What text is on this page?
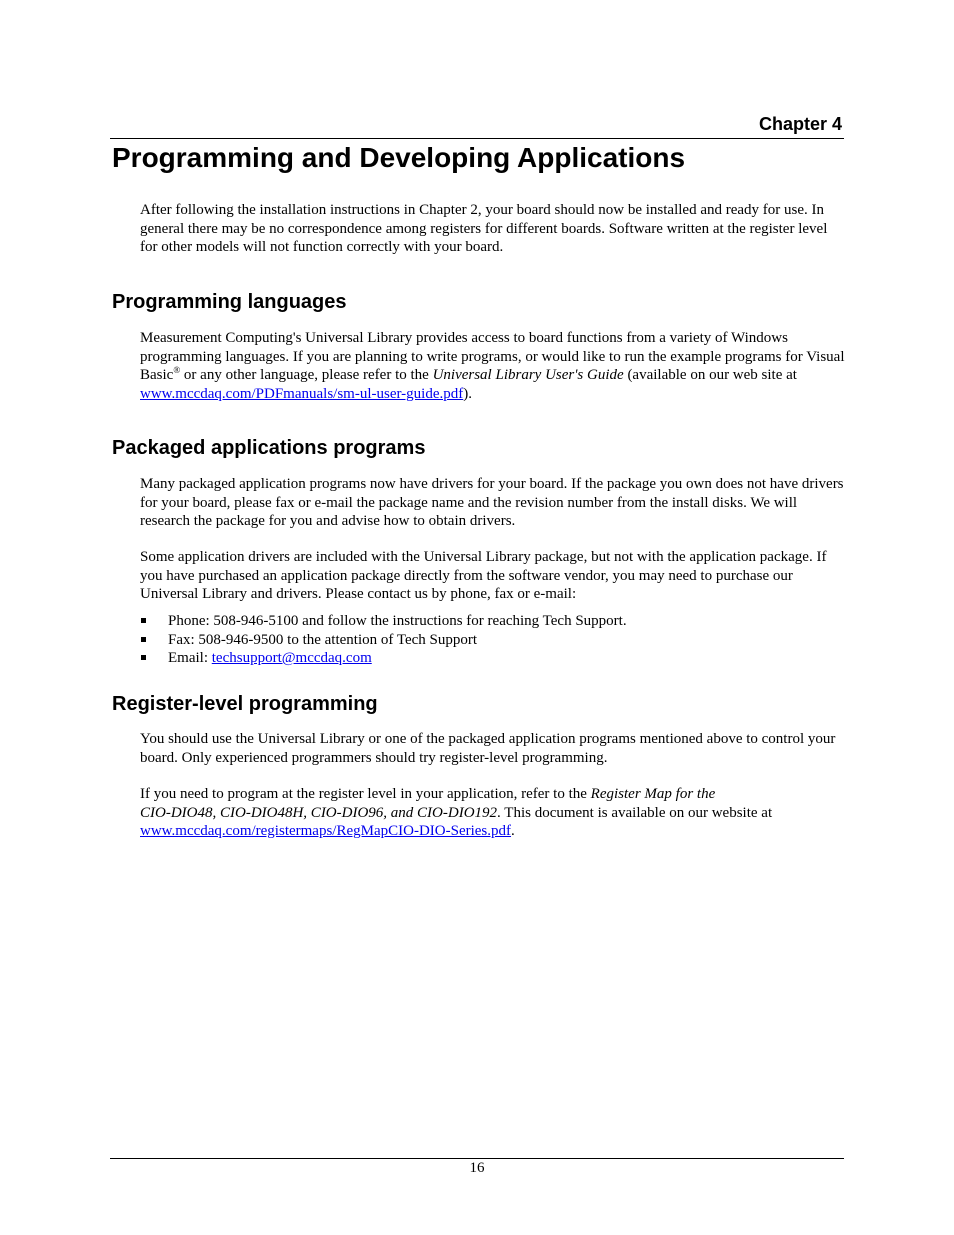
Chapter 4
Programming and Developing Applications

After following the installation instructions in Chapter 2, your board should now be installed and ready for use. In general there may be no correspondence among registers for different boards. Software written at the register level for other models will not function correctly with your board.

Programming languages

Measurement Computing's Universal Library provides access to board functions from a variety of Windows programming languages. If you are planning to write programs, or would like to run the example programs for Visual Basic® or any other language, please refer to the Universal Library User's Guide (available on our web site at www.mccdaq.com/PDFmanuals/sm-ul-user-guide.pdf).

Packaged applications programs

Many packaged application programs now have drivers for your board. If the package you own does not have drivers for your board, please fax or e-mail the package name and the revision number from the install disks. We will research the package for you and advise how to obtain drivers.

Some application drivers are included with the Universal Library package, but not with the application package. If you have purchased an application package directly from the software vendor, you may need to purchase our Universal Library and drivers. Please contact us by phone, fax or e-mail:

Phone: 508-946-5100 and follow the instructions for reaching Tech Support.
Fax: 508-946-9500 to the attention of Tech Support
Email: techsupport@mccdaq.com
Register-level programming

You should use the Universal Library or one of the packaged application programs mentioned above to control your board. Only experienced programmers should try register-level programming.

If you need to program at the register level in your application, refer to the Register Map for the
CIO-DIO48, CIO-DIO48H, CIO-DIO96, and CIO-DIO192. This document is available on our website at
www.mccdaq.com/registermaps/RegMapCIO-DIO-Series.pdf.

16
